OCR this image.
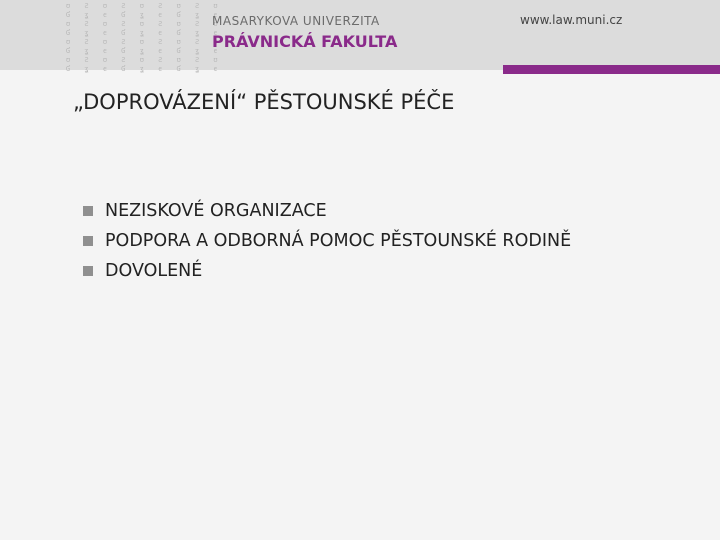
ʊ Ƨ ʊ Ƨ ʊ Ƨ ʊ Ƨ ʊ
Ɠ ʓ ϵ Ɠ ʓ ϵ Ɠ ʓ ϵ
ʊ Ƨ ʊ Ƨ ʊ Ƨ ʊ Ƨ ʊ
Ɠ ʓ ϵ Ɠ ʓ ϵ Ɠ ʓ ϵ
ʊ Ƨ ʊ Ƨ ʊ Ƨ ʊ Ƨ ʊ
Ɠ ʓ ϵ Ɠ ʓ ϵ Ɠ ʓ ϵ
ʊ Ƨ ʊ Ƨ ʊ Ƨ ʊ Ƨ ʊ
Ɠ ʓ ϵ Ɠ ʓ ϵ Ɠ ʓ ϵ
MASARYKOVA UNIVERZITA
PRÁVNICKÁ FAKULTA
www.law.muni.cz
„DOPROVÁZENÍ“ PĚSTOUNSKÉ PÉČE
NEZISKOVÉ ORGANIZACE
PODPORA A ODBORNÁ POMOC PĚSTOUNSKÉ RODINĚ
DOVOLENÉ
